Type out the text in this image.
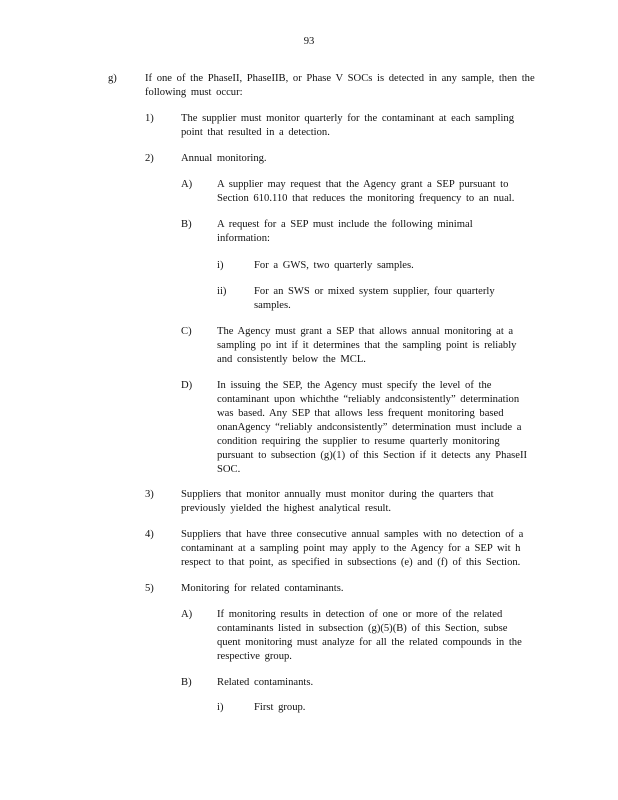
93
g)	If one of the PhaseII, PhaseIIB, or Phase V SOCs is detected in any sample, then the following must occur:
1)	The supplier must monitor quarterly for the contaminant at each sampling point that resulted in a detection.
2)	Annual monitoring.
A) A supplier may request that the Agency grant a SEP pursuant to Section 610.110 that reduces the monitoring frequency to an nual.
B) A request for a SEP must include the following minimal information:
i)	For a GWS, two quarterly samples.
ii)	For an SWS or mixed system supplier, four quarterly samples.
C) The Agency must grant a SEP that allows annual monitoring at a sampling po int if it determines that the sampling point is reliably and consistently below the MCL.
D) In issuing the SEP, the Agency must specify the level of the contaminant upon whichthe “reliably andconsistently” determination was based. Any SEP that allows less frequent monitoring based onanAgency “reliably andconsistently” determination must include a condition requiring the supplier to resume quarterly monitoring pursuant to subsection (g)(1) of this Section if it detects any PhaseII SOC.
3)	Suppliers that monitor annually must monitor during the quarters that previously yielded the highest analytical result.
4)	Suppliers that have three consecutive annual samples with no detection of a contaminant at a sampling point may apply to the Agency for a SEP wit h respect to that point, as specified in subsections (e) and (f) of this Section.
5)	Monitoring for related contaminants.
A) If monitoring results in detection of one or more of the related contaminants listed in subsection (g)(5)(B) of this Section, subse quent monitoring must analyze for all the related compounds in the respective group.
B) Related contaminants.
i)	First group.
